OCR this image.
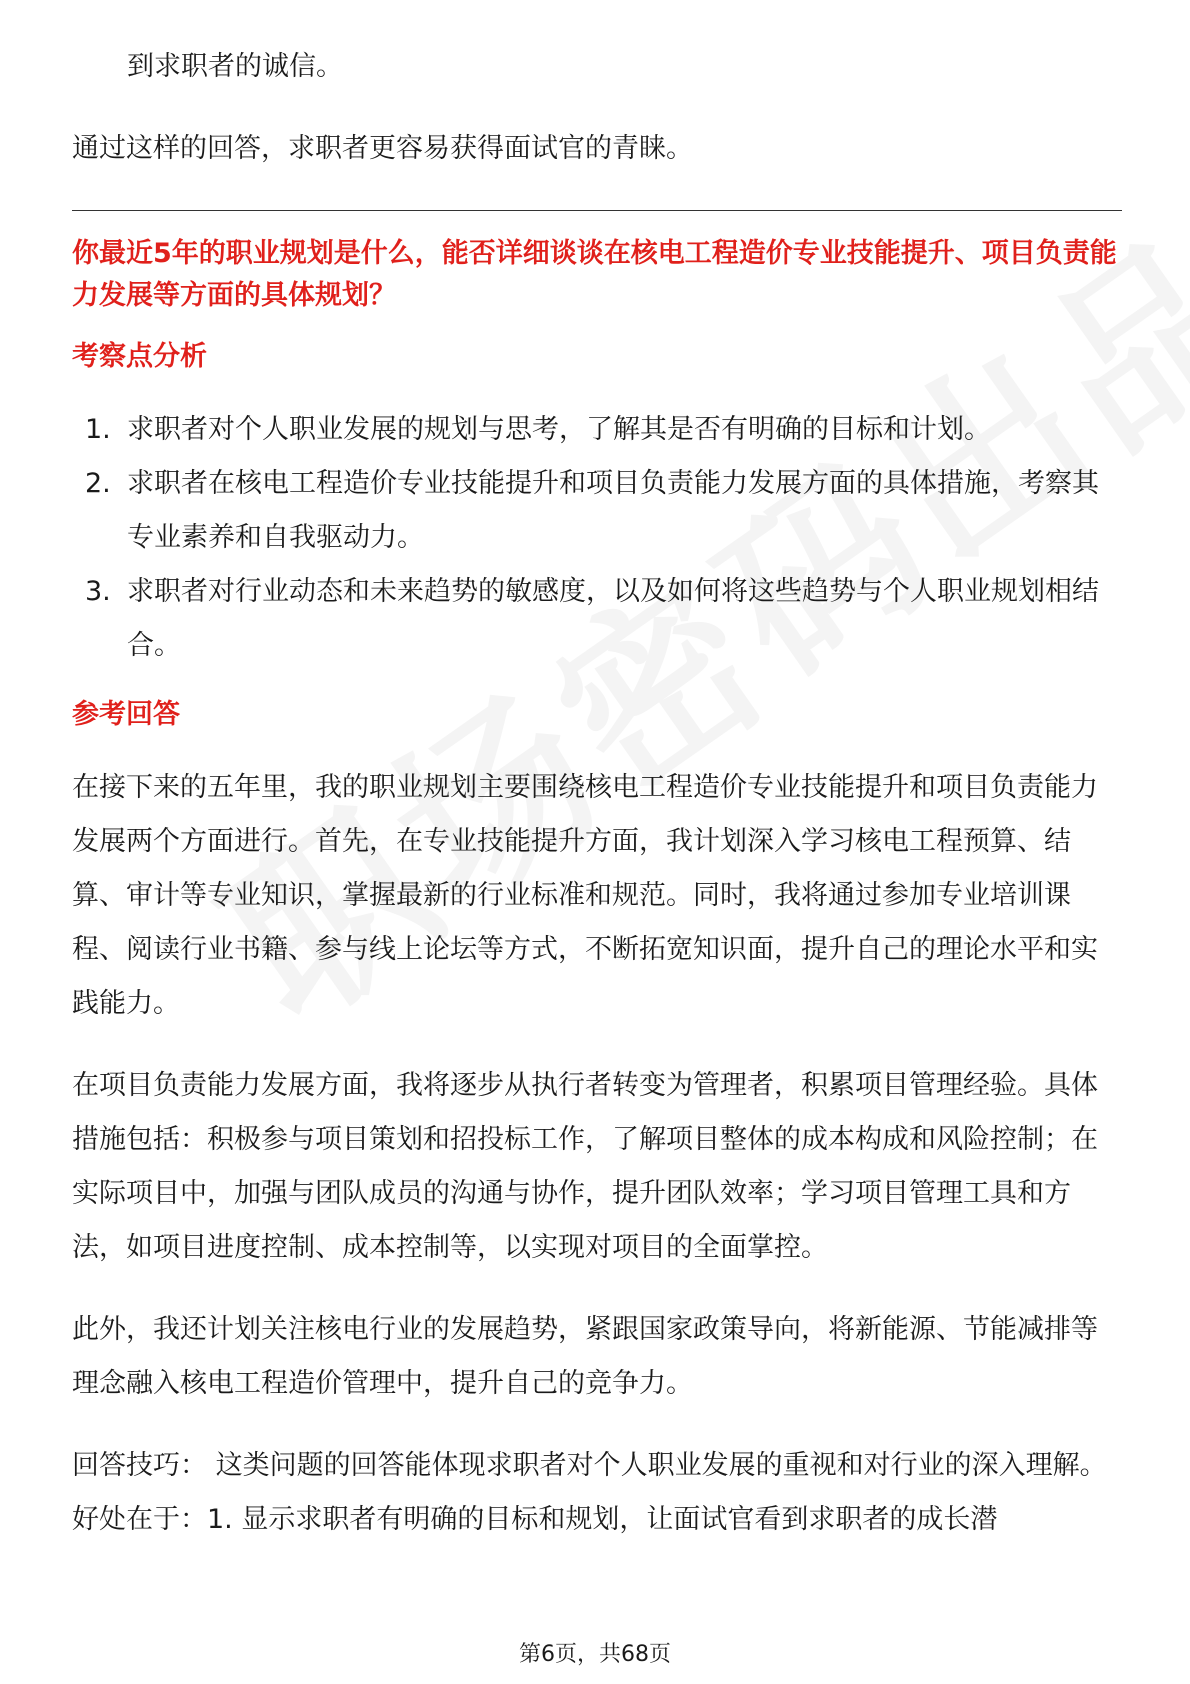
到求职者的诚信。

通过这样的回答，求职者更容易获得面试官的青睐。

你最近5年的职业规划是什么，能否详细谈谈在核电工程造价专业技能提升、项目负责能力发展等方面的具体规划？
考察点分析
1. 求职者对个人职业发展的规划与思考，了解其是否有明确的目标和计划。
2. 求职者在核电工程造价专业技能提升和项目负责能力发展方面的具体措施，考察其专业素养和自我驱动力。
3. 求职者对行业动态和未来趋势的敏感度，以及如何将这些趋势与个人职业规划相结合。
参考回答

在接下来的五年里，我的职业规划主要围绕核电工程造价专业技能提升和项目负责能力发展两个方面进行。首先，在专业技能提升方面，我计划深入学习核电工程预算、结算、审计等专业知识，掌握最新的行业标准和规范。同时，我将通过参加专业培训课程、阅读行业书籍、参与线上论坛等方式，不断拓宽知识面，提升自己的理论水平和实践能力。

在项目负责能力发展方面，我将逐步从执行者转变为管理者，积累项目管理经验。具体措施包括：积极参与项目策划和招投标工作，了解项目整体的成本构成和风险控制；在实际项目中，加强与团队成员的沟通与协作，提升团队效率；学习项目管理工具和方法，如项目进度控制、成本控制等，以实现对项目的全面掌控。

此外，我还计划关注核电行业的发展趋势，紧跟国家政策导向，将新能源、节能减排等理念融入核电工程造价管理中，提升自己的竞争力。

回答技巧： 这类问题的回答能体现求职者对个人职业发展的重视和对行业的深入理解。好处在于：1. 显示求职者有明确的目标和规划，让面试官看到求职者的成长潜

第6页，共68页
